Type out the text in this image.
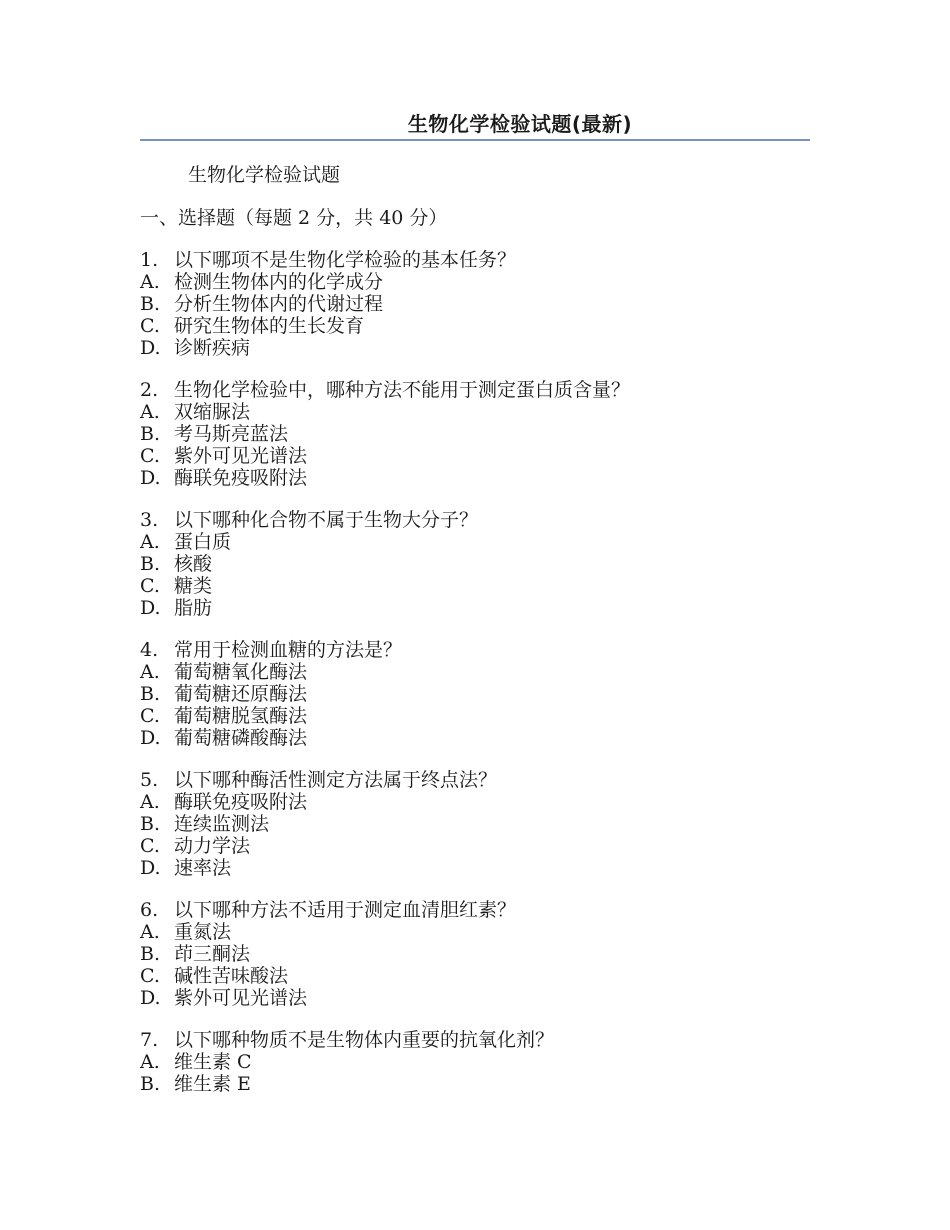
生物化学检验试题(最新)
生物化学检验试题
一、选择题（每题 2 分，共 40 分）
1. 以下哪项不是生物化学检验的基本任务？
A. 检测生物体内的化学成分
B. 分析生物体内的代谢过程
C. 研究生物体的生长发育
D. 诊断疾病
2. 生物化学检验中，哪种方法不能用于测定蛋白质含量？
A. 双缩脲法
B. 考马斯亮蓝法
C. 紫外可见光谱法
D. 酶联免疫吸附法
3. 以下哪种化合物不属于生物大分子？
A. 蛋白质
B. 核酸
C. 糖类
D. 脂肪
4. 常用于检测血糖的方法是？
A. 葡萄糖氧化酶法
B. 葡萄糖还原酶法
C. 葡萄糖脱氢酶法
D. 葡萄糖磷酸酶法
5. 以下哪种酶活性测定方法属于终点法？
A. 酶联免疫吸附法
B. 连续监测法
C. 动力学法
D. 速率法
6. 以下哪种方法不适用于测定血清胆红素？
A. 重氮法
B. 茚三酮法
C. 碱性苦味酸法
D. 紫外可见光谱法
7. 以下哪种物质不是生物体内重要的抗氧化剂？
A. 维生素 C
B. 维生素 E
